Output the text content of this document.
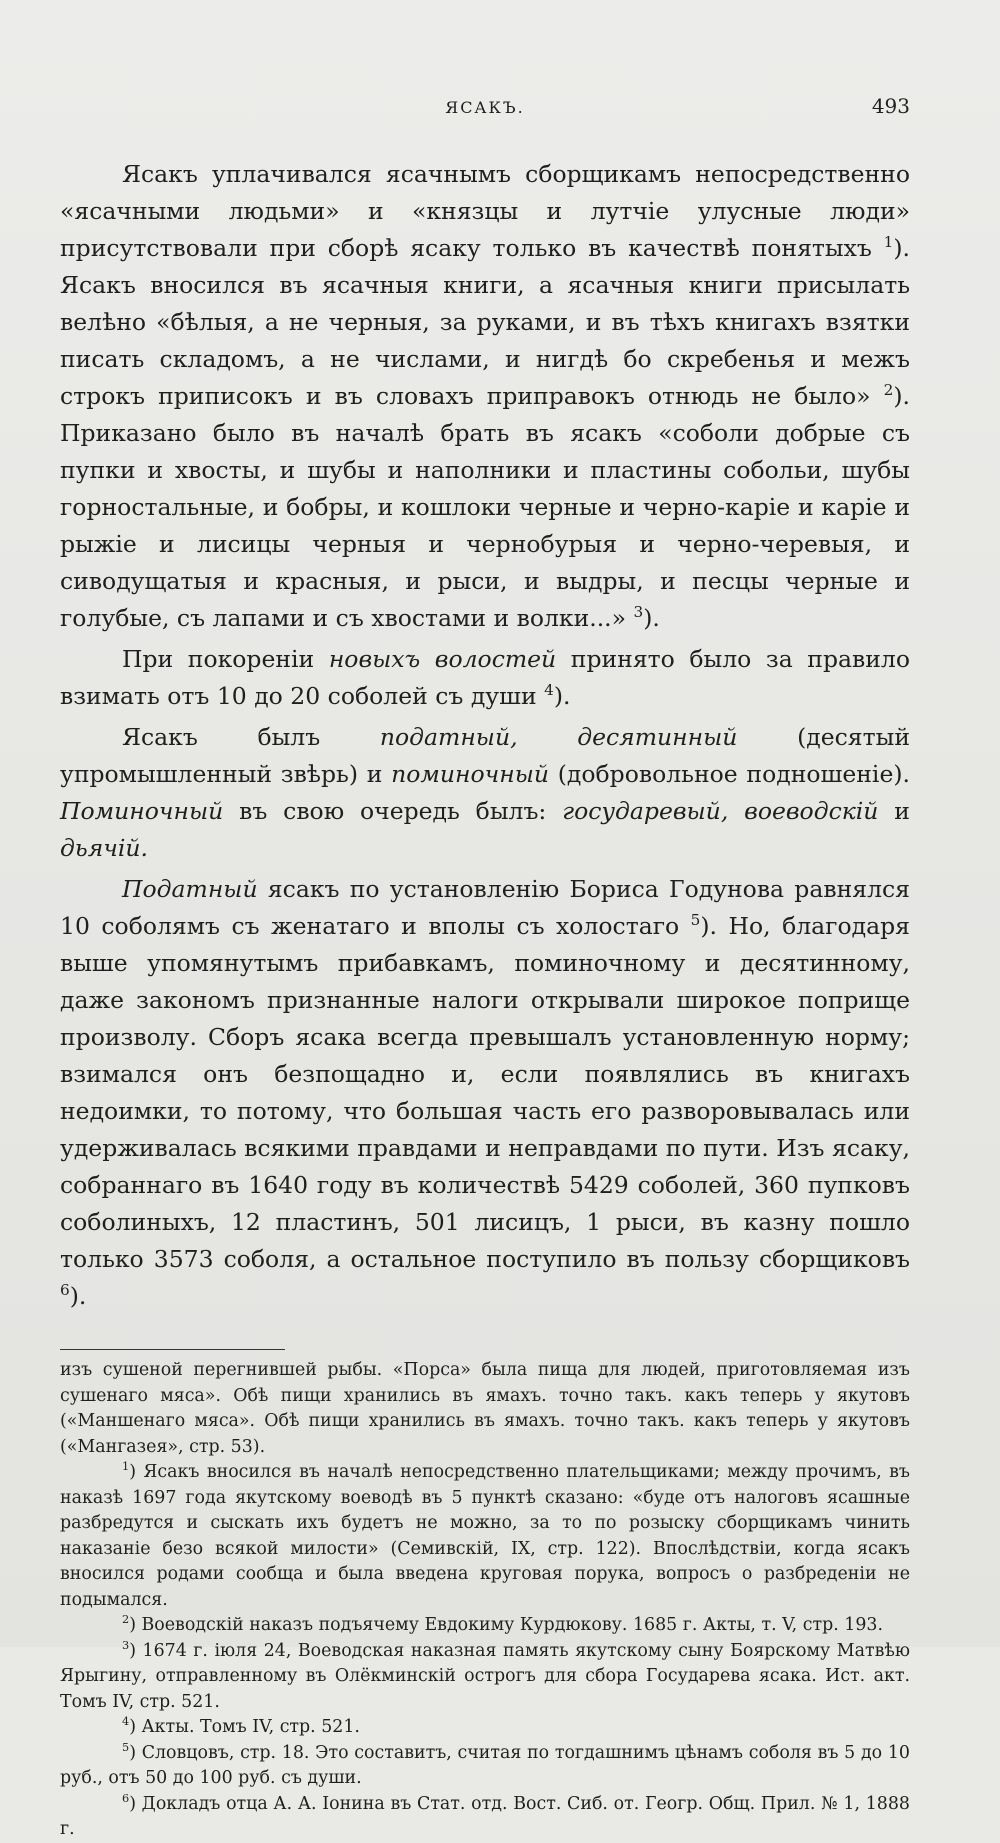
ЯСАКЪ.	493

Ясакъ уплачивался ясачнымъ сборщикамъ непосредственно «ясачными людьми» и «князцы и лутчіе улусные люди» присутствовали при сборѣ ясаку только въ качествѣ понятыхъ $^1$). Ясакъ вносился въ ясачныя книги, а ясачныя книги присылать велѣно «бѣлыя, а не черныя, за руками, и въ тѣхъ книгахъ взятки писать складомъ, а не числами, и нигдѣ бо скребенья и межъ строкъ приписокъ и въ словахъ приправокъ отнюдь не было» $^2$). Приказано было въ началѣ брать въ ясакъ «соболи добрые съ пупки и хвосты, и шубы и наполники и пластины собольи, шубы горностальные, и бобры, и кошлоки черные и черно-каріе и каріе и рыжіе и лисицы черныя и чернобурыя и черно-черевыя, и сиводущатыя и красныя, и рыси, и выдры, и песцы черные и голубые, съ лапами и съ хвостами и волки...» $^3$).

При покореніи новыхъ волостей принято было за правило взимать отъ 10 до 20 соболей съ души $^4$).

Ясакъ былъ	податный, десятинный	(десятый упромышленный звѣрь) и поминочный (добровольное подношеніе). Поминочный въ свою очередь былъ: государевый, воеводскій и дьячій.

Податный ясакъ по установленію Бориса Годунова равнялся 10 соболямъ съ женатаго и вполы съ холостаго $^5$). Но, благодаря выше упомянутымъ прибавкамъ, поминочному и десятинному, даже закономъ признанные налоги открывали широкое поприще произволу. Сборъ ясака всегда превышалъ установленную норму; взимался онъ безпощадно и, если появлялись въ книгахъ недоимки, то потому, что большая часть его разворовывалась или удерживалась всякими правдами и неправдами по пути. Изъ ясаку, собраннаго въ 1640 году въ количествѣ 5429 соболей, 360 пупковъ соболиныхъ, 12 пластинъ, 501 лисицъ, 1 рыси, въ казну пошло только 3573 соболя, а остальное поступило въ пользу сборщиковъ $^6$).

изъ сушеной перегнившей рыбы. «Порса» была пища для людей, приготовляемая изъ сушенаго мяса». Обѣ пищи хранились въ ямахъ. точно такъ. какъ теперь у якутовъ («Маншенаго мяса». Обѣ пищи хранились въ ямахъ. точно такъ. какъ теперь у якутовъ («Мангазея», стр. 53).

$^1$) Ясакъ вносился въ началѣ непосредственно плательщиками; между прочимъ, въ наказѣ 1697 года якутскому воеводѣ въ 5 пунктѣ сказано: «буде отъ налоговъ ясашные разбредутся и сыскать ихъ будетъ не можно, за то по розыску сборщикамъ чинить наказаніе безо всякой милости» (Семивскій, IX, стр. 122). Впослѣдствіи, когда ясакъ вносился родами сообща и была введена круговая порука, вопросъ о разбреденіи не подымался.

$^2$) Воеводскій наказъ подъячему Евдокиму Курдюкову. 1685 г. Акты, т. V, стр. 193.

$^3$) 1674 г. іюля 24, Воеводская наказная память якутскому сыну Боярскому Матвѣю Ярыгину, отправленному въ Олёкминскій острогъ для сбора Государева ясака. Ист. акт. Томъ IV, стр. 521.

$^4$) Акты. Томъ IV, стр. 521.

$^5$) Словцовъ, стр. 18. Это составитъ, считая по тогдашнимъ цѣнамъ соболя въ 5 до 10 руб., отъ 50 до 100 руб. съ души.

$^6$) Докладъ отца А. А. Іонина въ Стат. отд. Вост. Сиб. от. Геогр. Общ. Прил. № 1, 1888 г.
